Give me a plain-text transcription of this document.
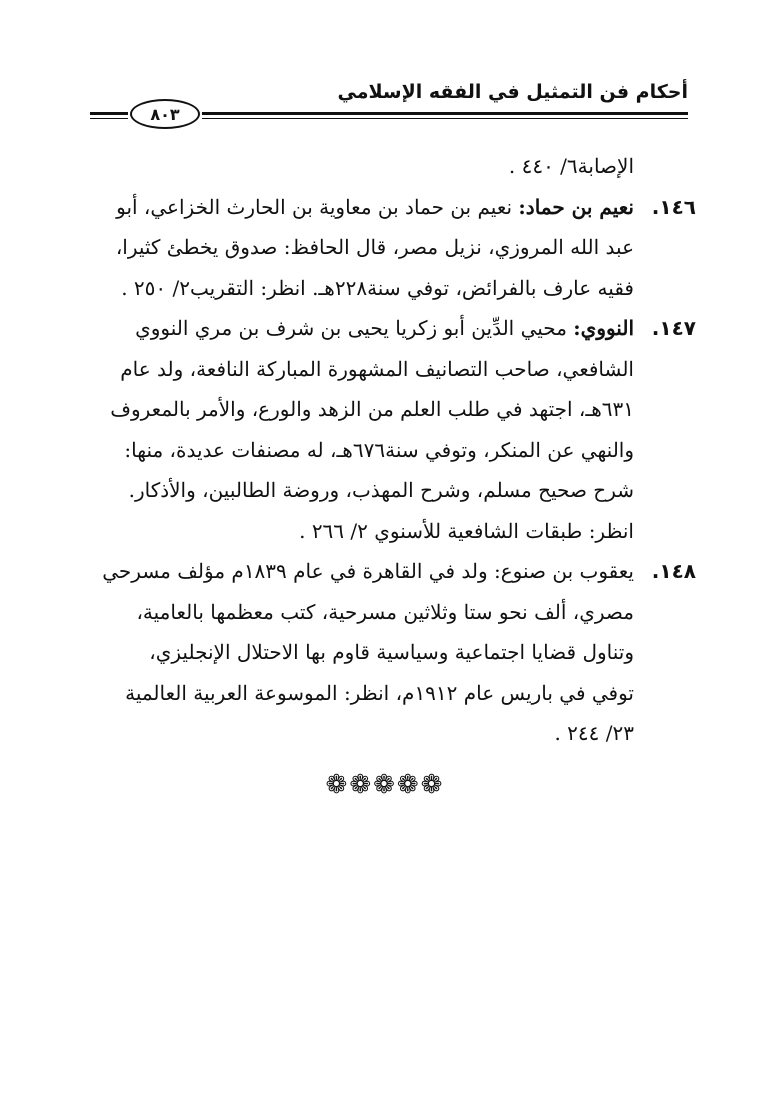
أحكام فن التمثيل في الفقه الإسلامي
٨٠٣
الإصابة٦/ ٤٤٠ .
١٤٦.
نعيم بن حماد: نعيم بن حماد بن معاوية بن الحارث الخزاعي، أبو
عبد الله المروزي، نزيل مصر، قال الحافظ: صدوق يخطئ كثيرا،
فقيه عارف بالفرائض، توفي سنة٢٢٨هـ. انظر: التقريب٢/ ٢٥٠ .
١٤٧.
النووي: محيي الدِّين أبو زكريا يحيى بن شرف بن مري النووي
الشافعي، صاحب التصانيف المشهورة المباركة النافعة، ولد عام
٦٣١هـ، اجتهد في طلب العلم من الزهد والورع، والأمر بالمعروف
والنهي عن المنكر، وتوفي سنة٦٧٦هـ، له مصنفات عديدة، منها:
شرح صحيح مسلم، وشرح المهذب، وروضة الطالبين، والأذكار.
انظر: طبقات الشافعية للأسنوي ٢/ ٢٦٦ .
١٤٨.
يعقوب بن صنوع: ولد في القاهرة في عام ١٨٣٩م مؤلف مسرحي
مصري، ألف نحو ستا وثلاثين مسرحية، كتب معظمها بالعامية،
وتناول قضايا اجتماعية وسياسية قاوم بها الاحتلال الإنجليزي،
توفي في باريس عام ١٩١٢م، انظر: الموسوعة العربية العالمية
٢٣/ ٢٤٤ .
❁❁❁❁❁
